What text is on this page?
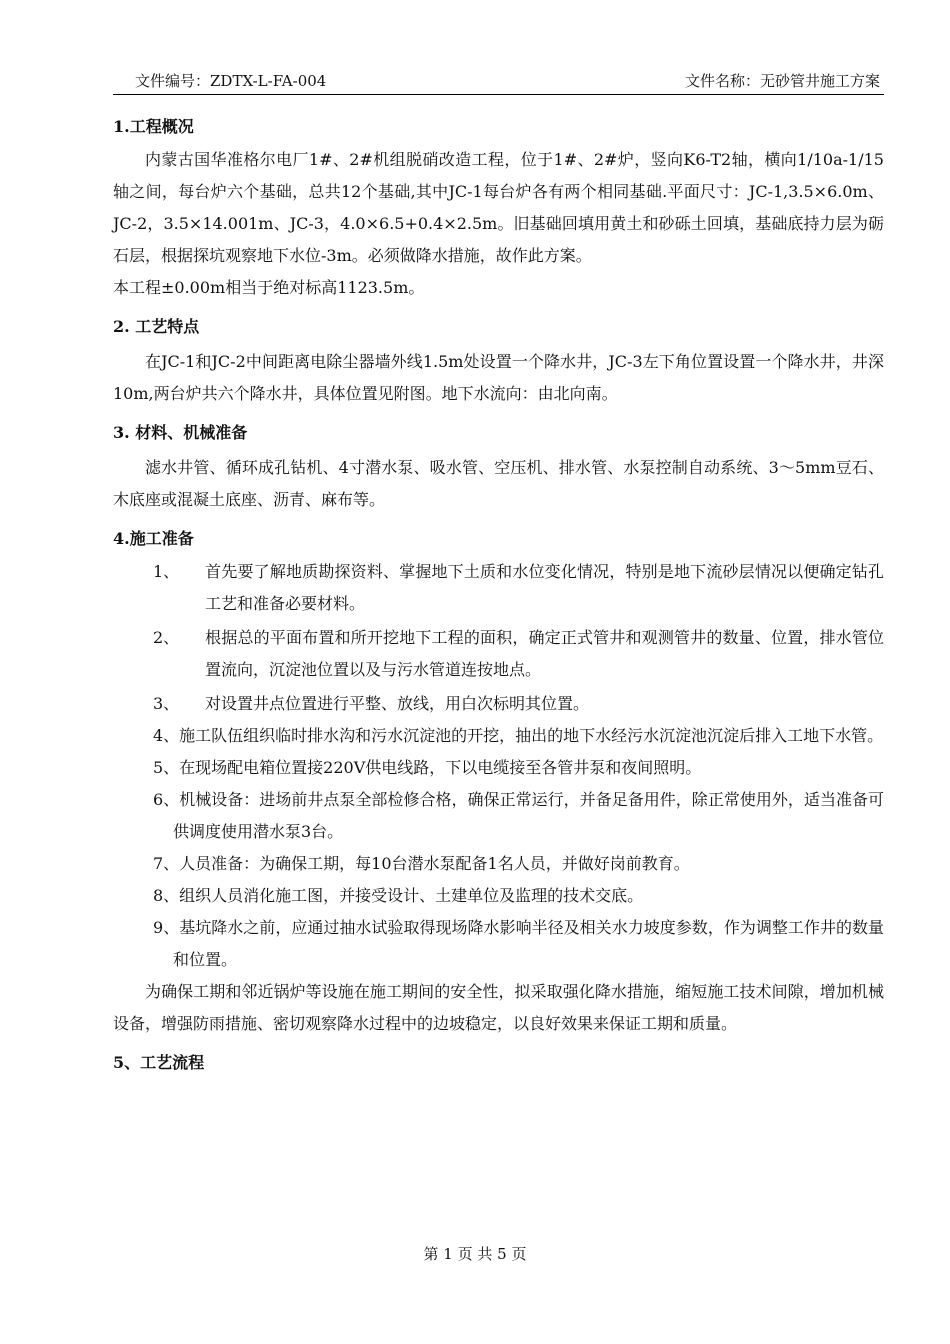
文件编号：ZDTX-L-FA-004	文件名称：无砂管井施工方案
1.工程概况
内蒙古国华准格尔电厂1#、2#机组脱硝改造工程，位于1#、2#炉，竖向K6-T2轴，横向1/10a-1/15轴之间，每台炉六个基础，总共12个基础,其中JC-1每台炉各有两个相同基础.平面尺寸：JC-1,3.5×6.0m、JC-2，3.5×14.001m、JC-3，4.0×6.5+0.4×2.5m。旧基础回填用黄土和砂砾土回填，基础底持力层为砺石层，根据探坑观察地下水位-3m。必须做降水措施，故作此方案。
本工程±0.00m相当于绝对标高1123.5m。
2. 工艺特点
在JC-1和JC-2中间距离电除尘器墙外线1.5m处设置一个降水井，JC-3左下角位置设置一个降水井，井深10m,两台炉共六个降水井，具体位置见附图。地下水流向：由北向南。
3. 材料、机械准备
滤水井管、循环成孔钻机、4寸潜水泵、吸水管、空压机、排水管、水泵控制自动系统、3～5mm豆石、木底座或混凝土底座、沥青、麻布等。
4.施工准备
1、 首先要了解地质勘探资料、掌握地下土质和水位变化情况，特别是地下流砂层情况以便确定钻孔工艺和准备必要材料。
2、 根据总的平面布置和所开挖地下工程的面积，确定正式管井和观测管井的数量、位置，排水管位置流向，沉淀池位置以及与污水管道连按地点。
3、 对设置井点位置进行平整、放线，用白次标明其位置。
4、施工队伍组织临时排水沟和污水沉淀池的开挖，抽出的地下水经污水沉淀池沉淀后排入工地下水管。
5、在现场配电箱位置接220V供电线路，下以电缆接至各管井泵和夜间照明。
6、机械设备：进场前井点泵全部检修合格，确保正常运行，并备足备用件，除正常使用外，适当准备可供调度使用潜水泵3台。
7、人员准备：为确保工期，每10台潜水泵配备1名人员，并做好岗前教育。
8、组织人员消化施工图，并接受设计、土建单位及监理的技术交底。
9、基坑降水之前，应通过抽水试验取得现场降水影响半径及相关水力坡度参数，作为调整工作井的数量和位置。
为确保工期和邻近锅炉等设施在施工期间的安全性，拟采取强化降水措施，缩短施工技术间隙，增加机械设备，增强防雨措施、密切观察降水过程中的边坡稳定，以良好效果来保证工期和质量。
5、工艺流程
第 1 页 共 5 页
